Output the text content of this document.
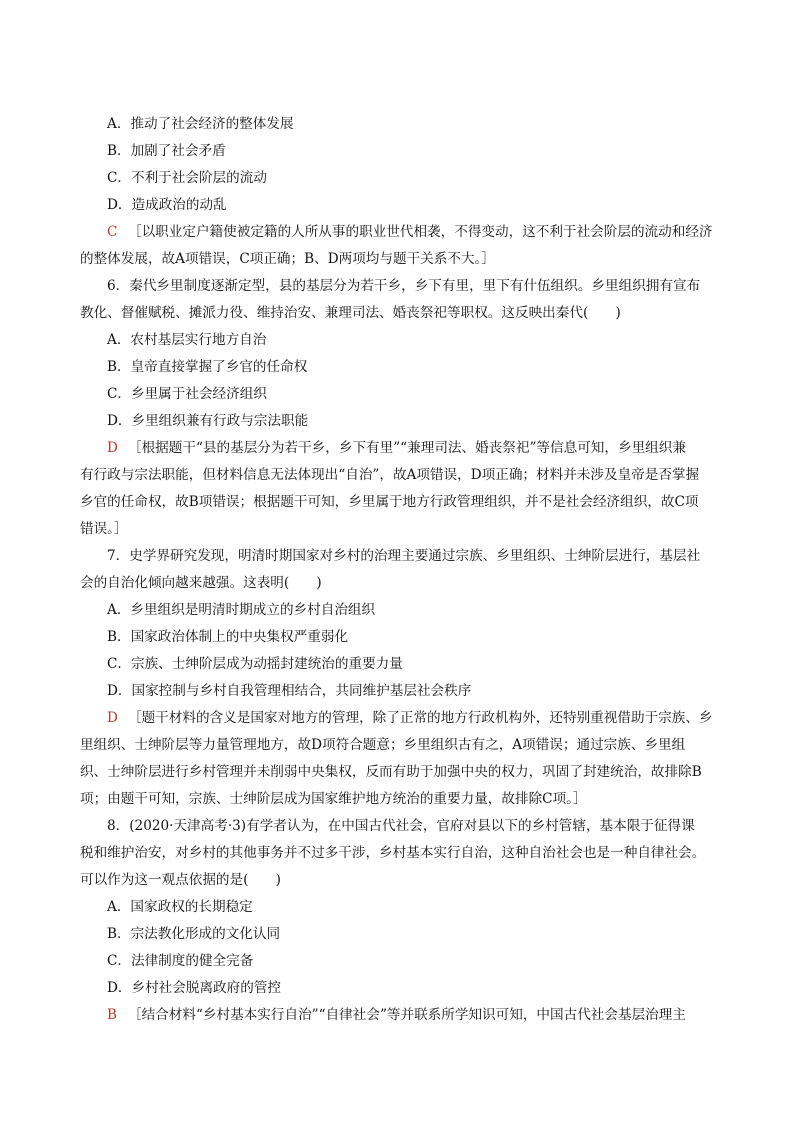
A．推动了社会经济的整体发展
B．加剧了社会矛盾
C．不利于社会阶层的流动
D．造成政治的动乱
C ［以职业定户籍使被定籍的人所从事的职业世代相袭，不得变动，这不利于社会阶层的流动和经济
的整体发展，故A项错误，C项正确；B、D两项均与题干关系不大。］
6．秦代乡里制度逐渐定型，县的基层分为若干乡，乡下有里，里下有什伍组织。乡里组织拥有宣布
教化、督催赋税、摊派力役、维持治安、兼理司法、婚丧祭祀等职权。这反映出秦代(　　)
A．农村基层实行地方自治
B．皇帝直接掌握了乡官的任命权
C．乡里属于社会经济组织
D．乡里组织兼有行政与宗法职能
D ［根据题干“县的基层分为若干乡，乡下有里”“兼理司法、婚丧祭祀”等信息可知，乡里组织兼
有行政与宗法职能，但材料信息无法体现出“自治”，故A项错误，D项正确；材料并未涉及皇帝是否掌握
乡官的任命权，故B项错误；根据题干可知，乡里属于地方行政管理组织，并不是社会经济组织，故C项
错误。］
7．史学界研究发现，明清时期国家对乡村的治理主要通过宗族、乡里组织、士绅阶层进行，基层社
会的自治化倾向越来越强。这表明(　　)
A．乡里组织是明清时期成立的乡村自治组织
B．国家政治体制上的中央集权严重弱化
C．宗族、士绅阶层成为动摇封建统治的重要力量
D．国家控制与乡村自我管理相结合，共同维护基层社会秩序
D ［题干材料的含义是国家对地方的管理，除了正常的地方行政机构外，还特别重视借助于宗族、乡
里组织、士绅阶层等力量管理地方，故D项符合题意；乡里组织古有之，A项错误；通过宗族、乡里组
织、士绅阶层进行乡村管理并未削弱中央集权，反而有助于加强中央的权力，巩固了封建统治，故排除B
项；由题干可知，宗族、士绅阶层成为国家维护地方统治的重要力量，故排除C项。］
8．(2020·天津高考·3)有学者认为，在中国古代社会，官府对县以下的乡村管辖，基本限于征得课
税和维护治安，对乡村的其他事务并不过多干涉，乡村基本实行自治，这种自治社会也是一种自律社会。
可以作为这一观点依据的是(　　)
A．国家政权的长期稳定
B．宗法教化形成的文化认同
C．法律制度的健全完备
D．乡村社会脱离政府的管控
B ［结合材料“乡村基本实行自治”“自律社会”等并联系所学知识可知，中国古代社会基层治理主
